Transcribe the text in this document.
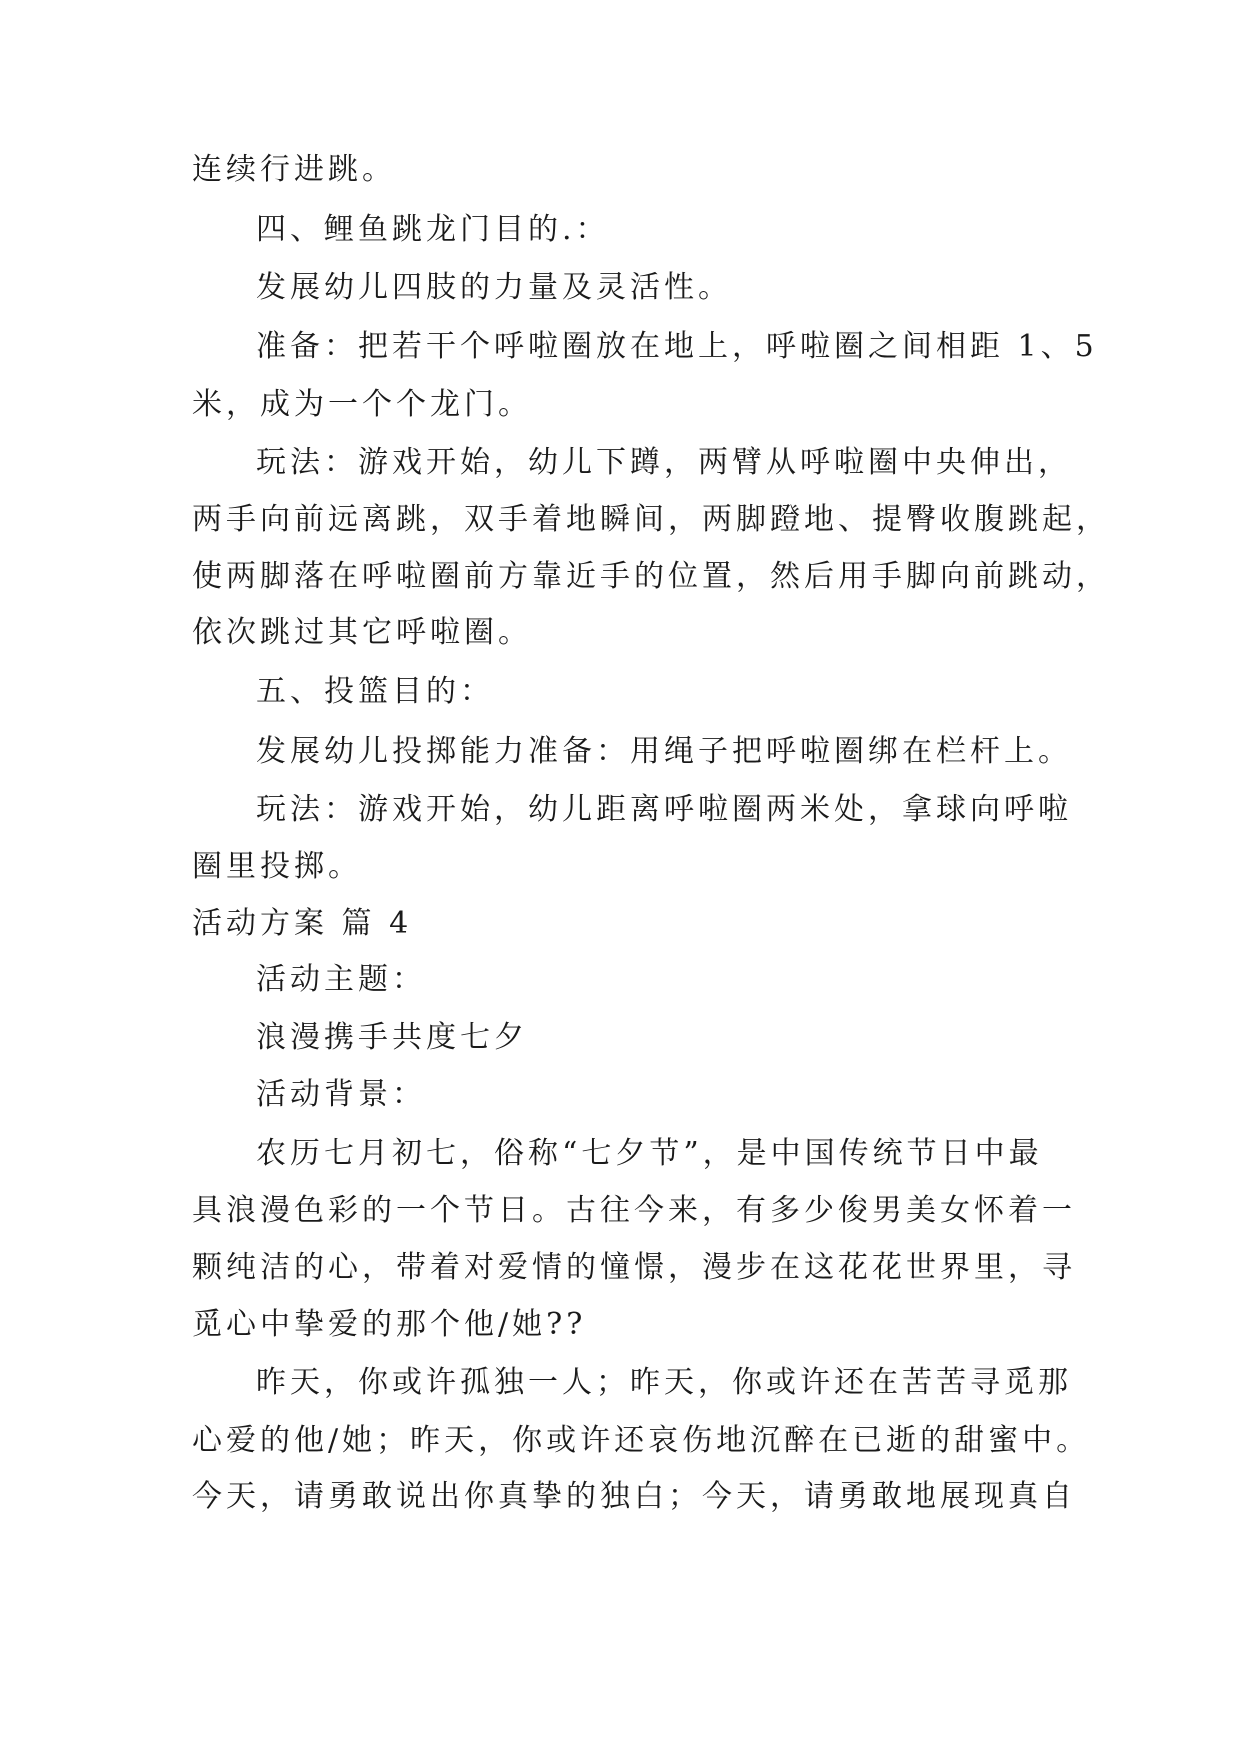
连续行进跳。
四、鲤鱼跳龙门目的.：
发展幼儿四肢的力量及灵活性。
准备：把若干个呼啦圈放在地上，呼啦圈之间相距 1、5
米，成为一个个龙门。
玩法：游戏开始，幼儿下蹲，两臂从呼啦圈中央伸出，
两手向前远离跳，双手着地瞬间，两脚蹬地、提臀收腹跳起，
使两脚落在呼啦圈前方靠近手的位置，然后用手脚向前跳动，
依次跳过其它呼啦圈。
五、投篮目的：
发展幼儿投掷能力准备：用绳子把呼啦圈绑在栏杆上。
玩法：游戏开始，幼儿距离呼啦圈两米处，拿球向呼啦
圈里投掷。
活动方案 篇 4
活动主题：
浪漫携手共度七夕
活动背景：
农历七月初七，俗称“七夕节”，是中国传统节日中最
具浪漫色彩的一个节日。古往今来，有多少俊男美女怀着一
颗纯洁的心，带着对爱情的憧憬，漫步在这花花世界里，寻
觅心中挚爱的那个他/她??
昨天，你或许孤独一人；昨天，你或许还在苦苦寻觅那
心爱的他/她；昨天，你或许还哀伤地沉醉在已逝的甜蜜中。
今天，请勇敢说出你真挚的独白；今天，请勇敢地展现真自
